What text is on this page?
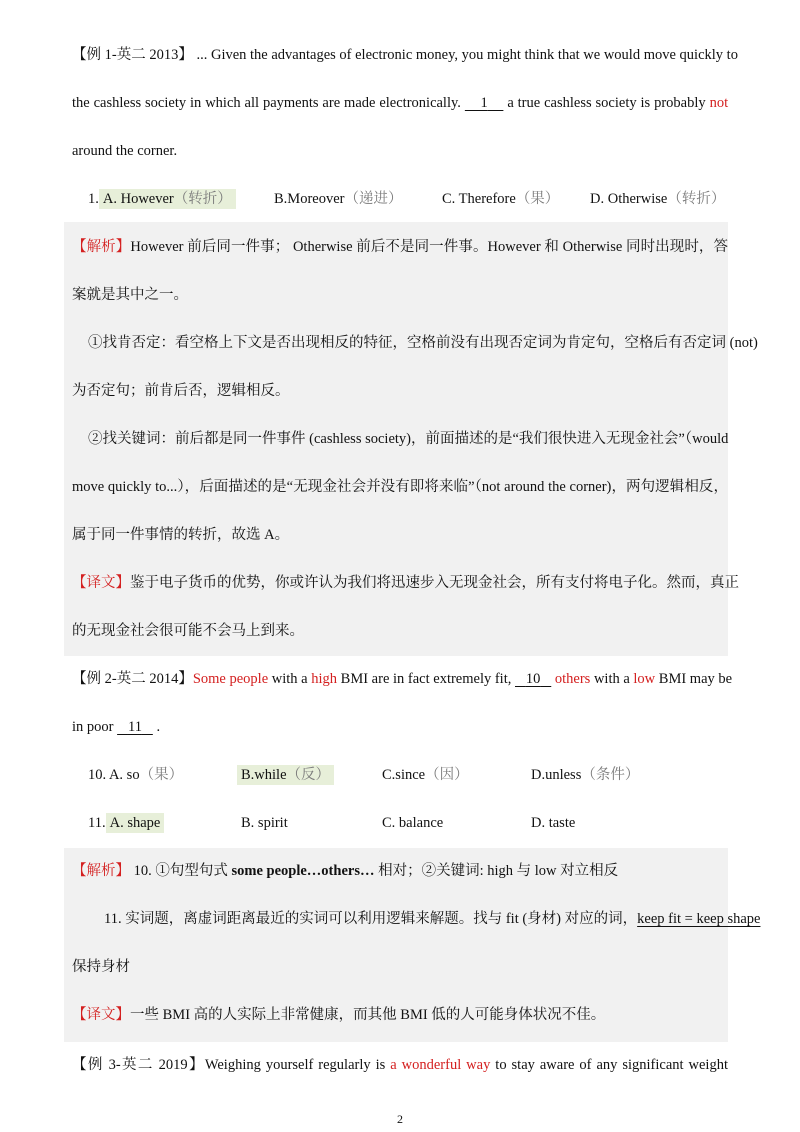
【例 1-英二 2013】 ... Given the advantages of electronic money, you might think that we would move quickly to
the cashless society in which all payments are made electronically. 1 a true cashless society is probably not
around the corner.
1. A. However（转折）	B.Moreover（递进）	C. Therefore（果） D. Otherwise（转折）
【解析】However 前后同一件事； Otherwise 前后不是同一件事。However 和 Otherwise 同时出现时，答
案就是其中之一。
①找肯否定：看空格上下文是否出现相反的特征，空格前没有出现否定词为肯定句，空格后有否定词 (not)
为否定句；前肯后否，逻辑相反。
②找关键词：前后都是同一件事件 (cashless society)，前面描述的是“我们很快进入无现金社会”（would
move quickly to...），后面描述的是“无现金社会并没有即将来临”（not around the corner)，两句逻辑相反，
属于同一件事情的转折，故选 A。
【译文】鉴于电子货币的优势，你或许认为我们将迅速步入无现金社会，所有支付将电子化。然而，真正
的无现金社会很可能不会马上到来。
【例 2-英二 2014】Some people with a high BMI are in fact extremely fit,    10 others with a low BMI may be
in poor    11    .
10. A. so（果）	B.while（反）	C.since（因）	D.unless（条件）
11. A. shape	B. spirit	C. balance	D. taste
【解析】 10. ①句型句式 some people…others… 相对；②关键词: high 与 low 对立相反
11. 实词题，离虚词距离最近的实词可以利用逻辑来解题。找与 fit (身材) 对应的词，keep fit = keep shape
保持身材
【译文】一些 BMI 高的人实际上非常健康，而其他 BMI 低的人可能身体状况不佳。
【例 3-英二 2019】Weighing yourself regularly is a wonderful way to stay aware of any significant weight
2
